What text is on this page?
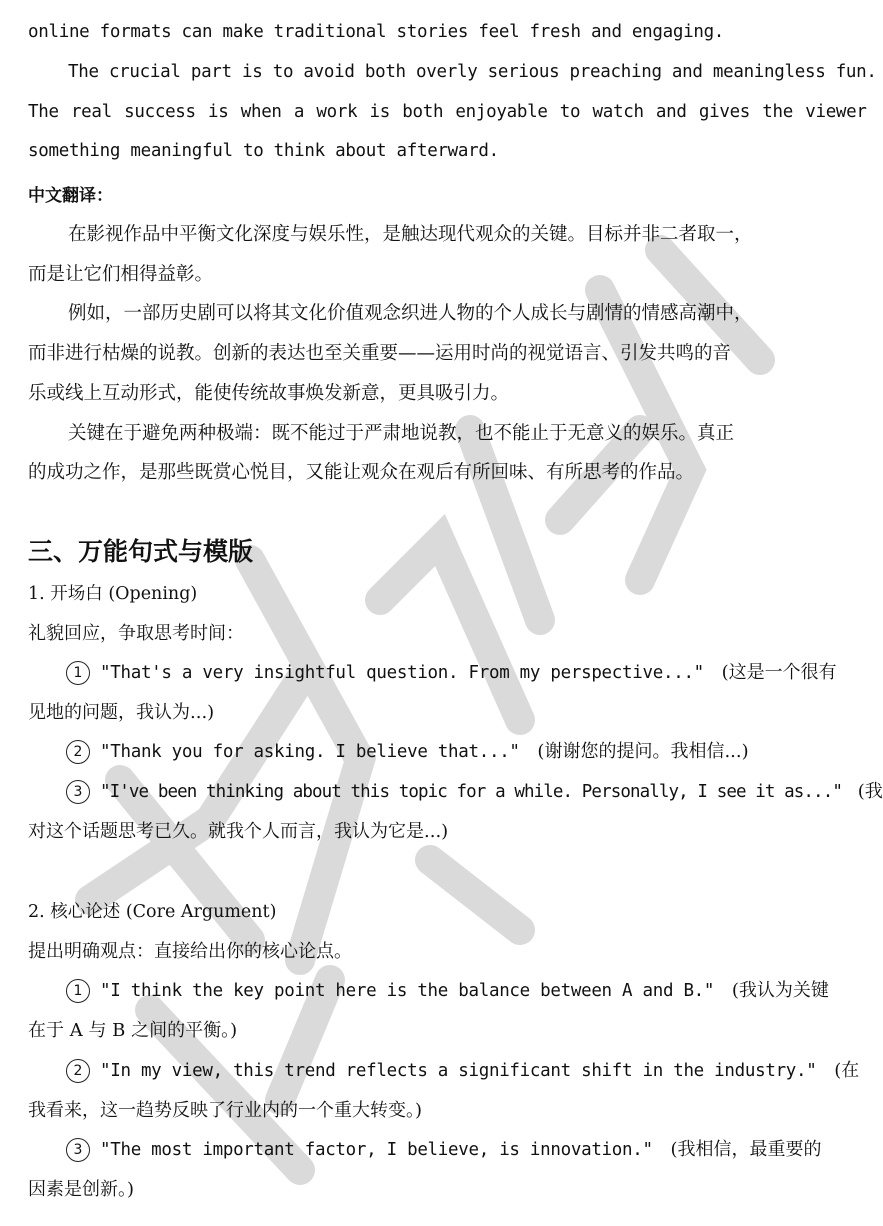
online formats can make traditional stories feel fresh and engaging.

The crucial part is to avoid both overly serious preaching and meaningless fun.

The real success is when a work is both enjoyable to watch and gives the viewer

something meaningful to think about afterward.

中文翻译：

在影视作品中平衡文化深度与娱乐性，是触达现代观众的关键。目标并非二者取一，

而是让它们相得益彰。

例如，一部历史剧可以将其文化价值观念织进人物的个人成长与剧情的情感高潮中，

而非进行枯燥的说教。创新的表达也至关重要——运用时尚的视觉语言、引发共鸣的音

乐或线上互动形式，能使传统故事焕发新意，更具吸引力。

关键在于避免两种极端：既不能过于严肃地说教，也不能止于无意义的娱乐。真正

的成功之作，是那些既赏心悦目，又能让观众在观后有所回味、有所思考的作品。

三、万能句式与模版

1. 开场白 (Opening)

礼貌回应，争取思考时间：

1 "That's a very insightful question. From my perspective..." (这是一个很有

见地的问题，我认为...)

2 "Thank you for asking. I believe that..." (谢谢您的提问。我相信...)

3 "I've been thinking about this topic for a while. Personally, I see it as..." (我

对这个话题思考已久。就我个人而言，我认为它是...)

2. 核心论述 (Core Argument)

提出明确观点：直接给出你的核心论点。

1 "I think the key point here is the balance between A and B." (我认为关键

在于 A 与 B 之间的平衡。)

2 "In my view, this trend reflects a significant shift in the industry." (在

我看来，这一趋势反映了行业内的一个重大转变。)

3 "The most important factor, I believe, is innovation." (我相信，最重要的

因素是创新。)
